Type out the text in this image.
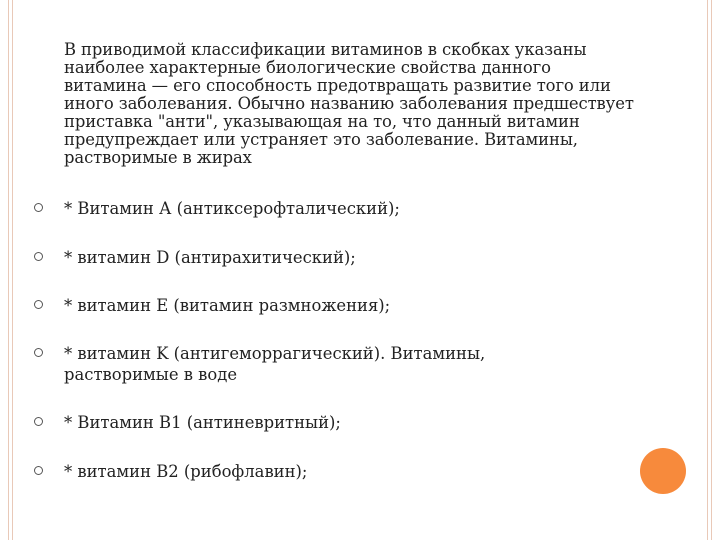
В приводимой классификации витаминов в скобках указаны наиболее характерные биологические свойства данного витамина — его способность предотвращать развитие того или иного заболевания. Обычно названию заболевания предшествует приставка "анти", указывающая на то, что данный витамин предупреждает или устраняет это заболевание. Витамины, растворимые в жирах
* Витамин А (антиксерофталический);
* витамин D (антирахитический);
* витамин E (витамин размножения);
* витамин K (антигеморрагический). Витамины,
растворимые в воде
* Витамин B1 (антиневритный);
* витамин B2 (рибофлавин);
